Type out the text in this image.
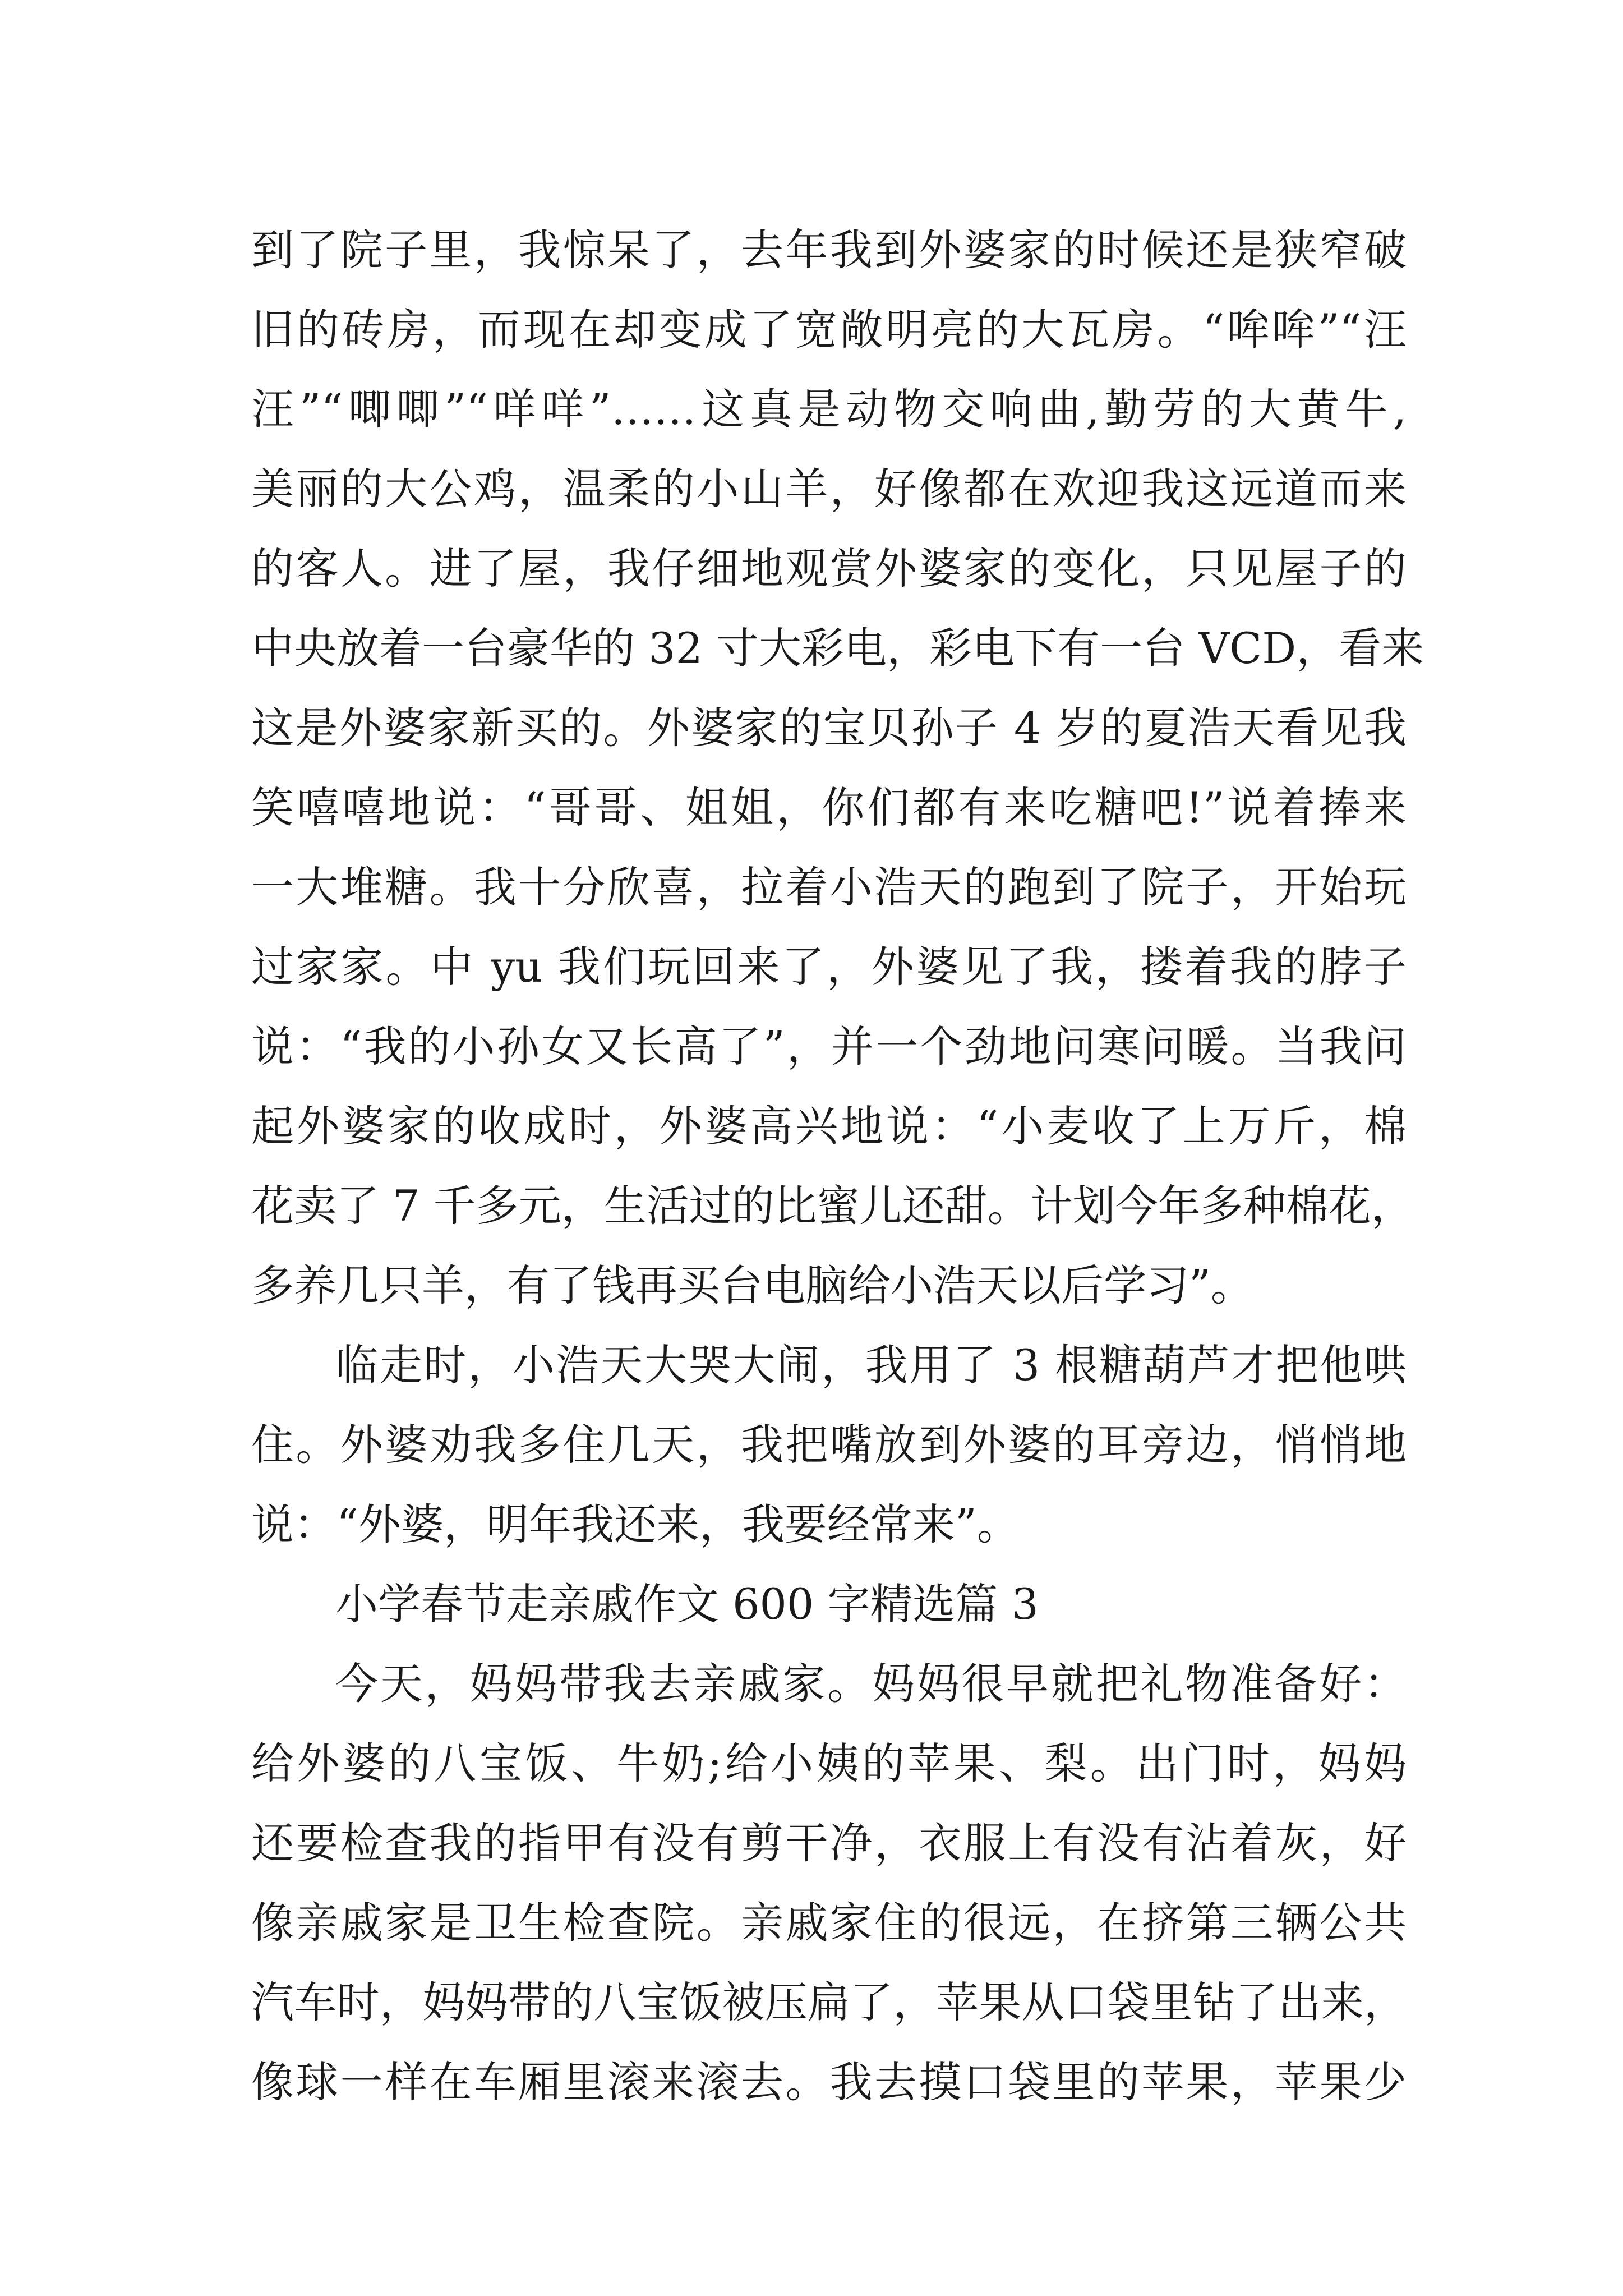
到了院子里，我惊呆了，去年我到外婆家的时候还是狭窄破
旧的砖房，而现在却变成了宽敞明亮的大瓦房。“哞哞”“汪
汪”“唧唧”“咩咩”……这真是动物交响曲,勤劳的大黄牛,
美丽的大公鸡，温柔的小山羊，好像都在欢迎我这远道而来
的客人。进了屋，我仔细地观赏外婆家的变化，只见屋子的
中央放着一台豪华的 32 寸大彩电，彩电下有一台 VCD，看来
这是外婆家新买的。外婆家的宝贝孙子 4 岁的夏浩天看见我
笑嘻嘻地说：“哥哥、姐姐，你们都有来吃糖吧!”说着捧来
一大堆糖。我十分欣喜，拉着小浩天的跑到了院子，开始玩
过家家。中 yu 我们玩回来了，外婆见了我，搂着我的脖子
说：“我的小孙女又长高了”，并一个劲地问寒问暖。当我问
起外婆家的收成时，外婆高兴地说：“小麦收了上万斤，棉
花卖了 7 千多元，生活过的比蜜儿还甜。计划今年多种棉花，
多养几只羊，有了钱再买台电脑给小浩天以后学习”。
临走时，小浩天大哭大闹，我用了 3 根糖葫芦才把他哄
住。外婆劝我多住几天，我把嘴放到外婆的耳旁边，悄悄地
说：“外婆，明年我还来，我要经常来”。
小学春节走亲戚作文 600 字精选篇 3
今天，妈妈带我去亲戚家。妈妈很早就把礼物准备好：
给外婆的八宝饭、牛奶;给小姨的苹果、梨。出门时，妈妈
还要检查我的指甲有没有剪干净，衣服上有没有沾着灰，好
像亲戚家是卫生检查院。亲戚家住的很远，在挤第三辆公共
汽车时，妈妈带的八宝饭被压扁了，苹果从口袋里钻了出来，
像球一样在车厢里滚来滚去。我去摸口袋里的苹果，苹果少
